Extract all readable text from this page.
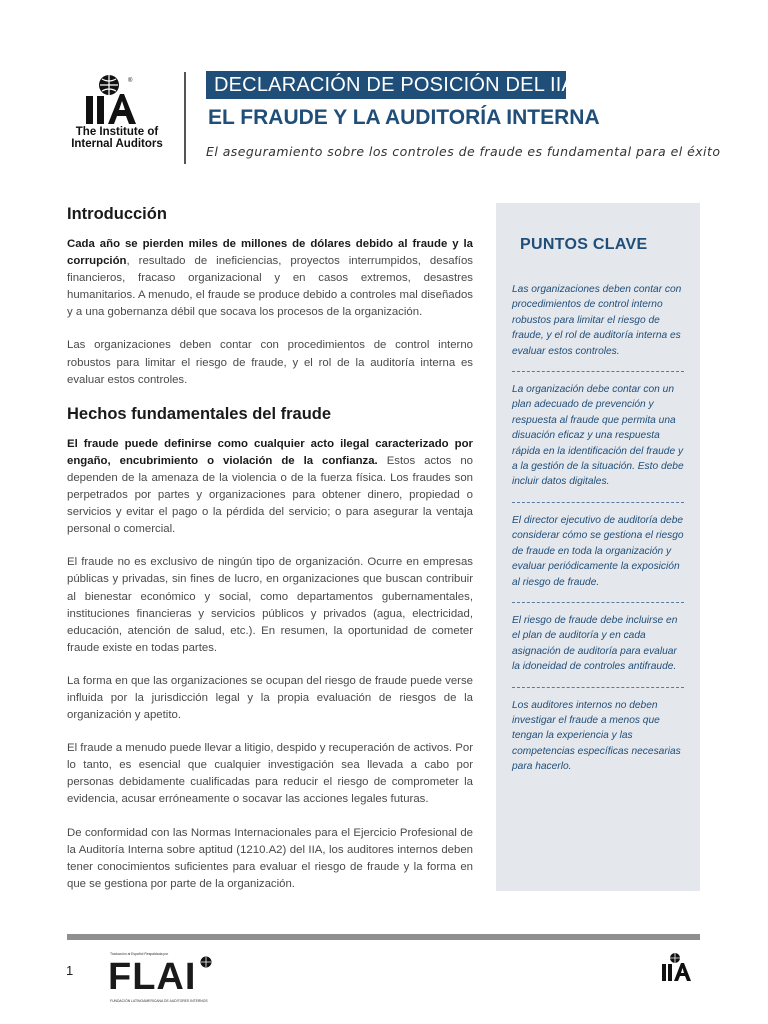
®
The Institute of
Internal Auditors
DECLARACIÓN DE POSICIÓN DEL IIA
EL FRAUDE Y LA AUDITORÍA INTERNA
El aseguramiento sobre los controles de fraude es fundamental para el éxito
Introducción

Cada año se pierden miles de millones de dólares debido al fraude y la corrupción, resultado de ineficiencias, proyectos interrumpidos, desafíos financieros, fracaso organizacional y en casos extremos, desastres humanitarios. A menudo, el fraude se produce debido a controles mal diseñados y a una gobernanza débil que socava los procesos de la organización.

Las organizaciones deben contar con procedimientos de control interno robustos para limitar el riesgo de fraude, y el rol de la auditoría interna es evaluar estos controles.

Hechos fundamentales del fraude

El fraude puede definirse como cualquier acto ilegal caracterizado por engaño, encubrimiento o violación de la confianza. Estos actos no dependen de la amenaza de la violencia o de la fuerza física. Los fraudes son perpetrados por partes y organizaciones para obtener dinero, propiedad o servicios y evitar el pago o la pérdida del servicio; o para asegurar la ventaja personal o comercial.

El fraude no es exclusivo de ningún tipo de organización. Ocurre en empresas públicas y privadas, sin fines de lucro, en organizaciones que buscan contribuir al bienestar económico y social, como departamentos gubernamentales, instituciones financieras y servicios públicos y privados (agua, electricidad, educación, atención de salud, etc.). En resumen, la oportunidad de cometer fraude existe en todas partes.

La forma en que las organizaciones se ocupan del riesgo de fraude puede verse influida por la jurisdicción legal y la propia evaluación de riesgos de la organización y apetito.

El fraude a menudo puede llevar a litigio, despido y recuperación de activos. Por lo tanto, es esencial que cualquier investigación sea llevada a cabo por personas debidamente cualificadas para reducir el riesgo de comprometer la evidencia, acusar erróneamente o socavar las acciones legales futuras.

De conformidad con las Normas Internacionales para el Ejercicio Profesional de la Auditoría Interna sobre aptitud (1210.A2) del IIA, los auditores internos deben tener conocimientos suficientes para evaluar el riesgo de fraude y la forma en que se gestiona por parte de la organización.

PUNTOS CLAVE

Las organizaciones deben contar con procedimientos de control interno robustos para limitar el riesgo de fraude, y el rol de auditoría interna es evaluar estos controles.

La organización debe contar con un plan adecuado de prevención y respuesta al fraude que permita una disuación eficaz y una respuesta rápida en la identificación del fraude y a la gestión de la situación. Esto debe incluir datos digitales.

El director ejecutivo de auditoría debe considerar cómo se gestiona el riesgo de fraude en toda la organización y evaluar periódicamente la exposición al riesgo de fraude.

El riesgo de fraude debe incluirse en el plan de auditoría y en cada asignación de auditoría para evaluar la idoneidad de controles antifraude.

Los auditores internos no deben investigar el fraude a menos que tengan la experiencia y las competencias específicas necesarias para hacerlo.

1
Traducción al Español Respaldada por
FLAI
FUNDACIÓN LATINOAMERICANA DE AUDITORES INTERNOS
